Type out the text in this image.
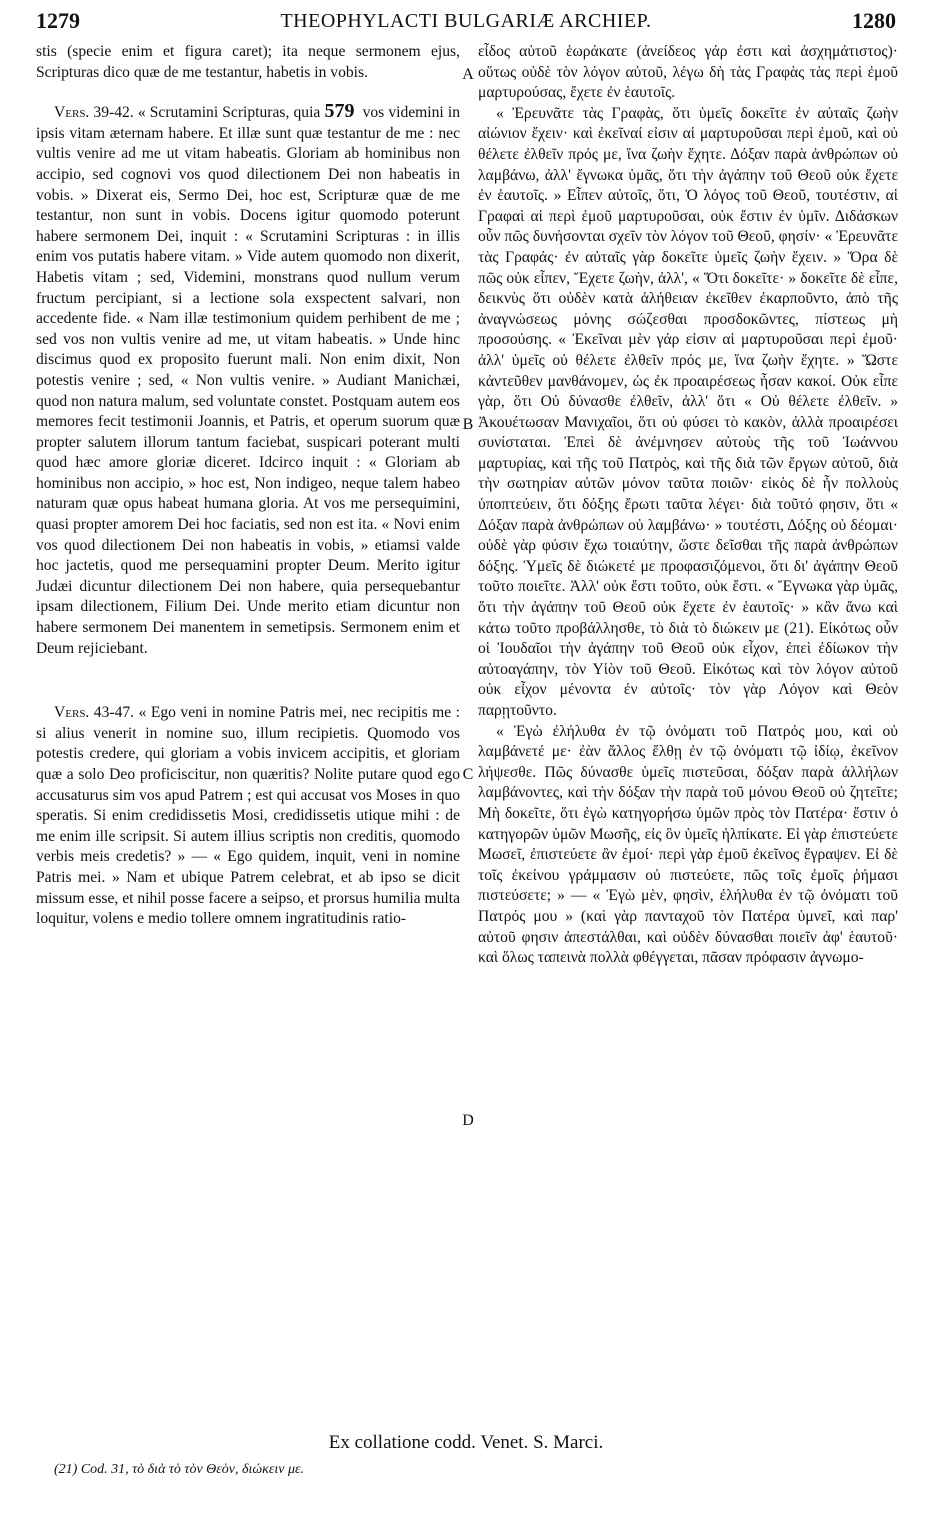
1279	THEOPHYLACTI BULGARIÆ ARCHIEP.	1280

stis (specie enim et figura caret); ita neque sermonem ejus, Scripturas dico quæ de me testantur, habetis in vobis.

Vers. 39-42. « Scrutamini Scripturas, quia 579 vos videmini in ipsis vitam æternam habere. Et illæ sunt quæ testantur de me : nec vultis venire ad me ut vitam habeatis. Gloriam ab hominibus non accipio, sed cognovi vos quod dilectionem Dei non habeatis in vobis. » Dixerat eis, Sermo Dei, hoc est, Scripturæ quæ de me testantur, non sunt in vobis. Docens igitur quomodo poterunt habere sermonem Dei, inquit : « Scrutamini Scripturas : in illis enim vos putatis habere vitam. » Vide autem quomodo non dixerit, Habetis vitam ; sed, Videmini, monstrans quod nullum verum fructum percipiant, si a lectione sola exspectent salvari, non accedente fide. « Nam illæ testimonium quidem perhibent de me ; sed vos non vultis venire ad me, ut vitam habeatis. » Unde hinc discimus quod ex proposito fuerunt mali. Non enim dixit, Non potestis venire ; sed, « Non vultis venire. » Audiant Manichæi, quod non natura malum, sed voluntate constet. Postquam autem eos memores fecit testimonii Joannis, et Patris, et operum suorum quæ propter salutem illorum tantum faciebat, suspicari poterant multi quod hæc amore gloriæ diceret. Idcirco inquit : « Gloriam ab hominibus non accipio, » hoc est, Non indigeo, neque talem habeo naturam quæ opus habeat humana gloria. At vos me persequimini, quasi propter amorem Dei hoc faciatis, sed non est ita. « Novi enim vos quod dilectionem Dei non habeatis in vobis, » etiamsi valde hoc jactetis, quod me persequamini propter Deum. Merito igitur Judæi dicuntur dilectionem Dei non habere, quia persequebantur ipsam dilectionem, Filium Dei. Unde merito etiam dicuntur non habere sermonem Dei manentem in semetipsis. Sermonem enim et Deum rejiciebant.

Vers. 43-47. « Ego veni in nomine Patris mei, nec recipitis me : si alius venerit in nomine suo, illum recipietis. Quomodo vos potestis credere, qui gloriam a vobis invicem accipitis, et gloriam quæ a solo Deo proficiscitur, non quæritis? Nolite putare quod ego accusaturus sim vos apud Patrem ; est qui accusat vos Moses in quo speratis. Si enim credidissetis Mosi, credidissetis utique mihi : de me enim ille scripsit. Si autem illius scriptis non creditis, quomodo verbis meis credetis? » — « Ego quidem, inquit, veni in nomine Patris mei. » Nam et ubique Patrem celebrat, et ab ipso se dicit missum esse, et nihil posse facere a seipso, et prorsus humilia multa loquitur, volens e medio tollere omnem ingratitudinis ratio-

A
B
C
D

εἶδος αὐτοῦ ἑωράκατε (ἀνείδεος γάρ ἐστι καὶ ἀσχημάτιστος)· οὕτως οὐδὲ τὸν λόγον αὐτοῦ, λέγω δὴ τὰς Γραφὰς τὰς περὶ ἐμοῦ μαρτυρούσας, ἔχετε ἐν ἑαυτοῖς.

« Ἐρευνᾶτε τὰς Γραφὰς, ὅτι ὑμεῖς δοκεῖτε ἐν αὐταῖς ζωὴν αἰώνιον ἔχειν· καὶ ἐκεῖναί εἰσιν αἱ μαρτυροῦσαι περὶ ἐμοῦ, καὶ οὐ θέλετε ἐλθεῖν πρός με, ἵνα ζωὴν ἔχητε. Δόξαν παρὰ ἀνθρώπων οὐ λαμβάνω, ἀλλ' ἔγνωκα ὑμᾶς, ὅτι τὴν ἀγάπην τοῦ Θεοῦ οὐκ ἔχετε ἐν ἑαυτοῖς. » Εἶπεν αὐτοῖς, ὅτι, Ὁ λόγος τοῦ Θεοῦ, τουτέστιν, αἱ Γραφαὶ αἱ περὶ ἐμοῦ μαρτυροῦσαι, οὐκ ἔστιν ἐν ὑμῖν. Διδάσκων οὖν πῶς δυνήσονται σχεῖν τὸν λόγον τοῦ Θεοῦ, φησίν· « Ἐρευνᾶτε τὰς Γραφάς· ἐν αὐταῖς γὰρ δοκεῖτε ὑμεῖς ζωὴν ἔχειν. » Ὅρα δὲ πῶς οὐκ εἶπεν, Ἔχετε ζωὴν, ἀλλ', « Ὅτι δοκεῖτε· » δοκεῖτε δὲ εἶπε, δεικνὺς ὅτι οὐδὲν κατὰ ἀλήθειαν ἐκεῖθεν ἐκαρποῦντο, ἀπὸ τῆς ἀναγνώσεως μόνης σώζεσθαι προσδοκῶντες, πίστεως μὴ προσούσης. « Ἐκεῖναι μὲν γάρ εἰσιν αἱ μαρτυροῦσαι περὶ ἐμοῦ· ἀλλ' ὑμεῖς οὐ θέλετε ἐλθεῖν πρός με, ἵνα ζωὴν ἔχητε. » Ὥστε κἀντεῦθεν μανθάνομεν, ὡς ἐκ προαιρέσεως ἦσαν κακοί. Οὐκ εἶπε γὰρ, ὅτι Οὐ δύνασθε ἐλθεῖν, ἀλλ' ὅτι « Οὐ θέλετε ἐλθεῖν. » Ἀκουέτωσαν Μανιχαῖοι, ὅτι οὐ φύσει τὸ κακὸν, ἀλλὰ προαιρέσει συνίσταται. Ἐπεὶ δὲ ἀνέμνησεν αὐτοὺς τῆς τοῦ Ἰωάννου μαρτυρίας, καὶ τῆς τοῦ Πατρὸς, καὶ τῆς διὰ τῶν ἔργων αὐτοῦ, διὰ τὴν σωτηρίαν αὐτῶν μόνον ταῦτα ποιῶν· εἰκὸς δὲ ἦν πολλοὺς ὑποπτεύειν, ὅτι δόξης ἔρωτι ταῦτα λέγει· διὰ τοῦτό φησιν, ὅτι « Δόξαν παρὰ ἀνθρώπων οὐ λαμβάνω· » τουτέστι, Δόξης οὐ δέομαι· οὐδὲ γὰρ φύσιν ἔχω τοιαύτην, ὥστε δεῖσθαι τῆς παρὰ ἀνθρώπων δόξης. Ὑμεῖς δὲ διώκετέ με προφασιζόμενοι, ὅτι δι' ἀγάπην Θεοῦ τοῦτο ποιεῖτε. Ἀλλ' οὐκ ἔστι τοῦτο, οὐκ ἔστι. « Ἔγνωκα γὰρ ὑμᾶς, ὅτι τὴν ἀγάπην τοῦ Θεοῦ οὐκ ἔχετε ἐν ἑαυτοῖς· » κἂν ἄνω καὶ κάτω τοῦτο προβάλλησθε, τὸ διὰ τὸ διώκειν με (21). Εἰκότως οὖν οἱ Ἰουδαῖοι τὴν ἀγάπην τοῦ Θεοῦ οὐκ εἶχον, ἐπεὶ ἐδίωκον τὴν αὐτοαγάπην, τὸν Υἱὸν τοῦ Θεοῦ. Εἰκότως καὶ τὸν λόγον αὐτοῦ οὐκ εἶχον μένοντα ἐν αὐτοῖς· τὸν γὰρ Λόγον καὶ Θεὸν παρῃτοῦντο.

« Ἐγὼ ἐλήλυθα ἐν τῷ ὀνόματι τοῦ Πατρός μου, καὶ οὐ λαμβάνετέ με· ἐὰν ἄλλος ἔλθῃ ἐν τῷ ὀνόματι τῷ ἰδίῳ, ἐκεῖνον λήψεσθε. Πῶς δύνασθε ὑμεῖς πιστεῦσαι, δόξαν παρὰ ἀλλήλων λαμβάνοντες, καὶ τὴν δόξαν τὴν παρὰ τοῦ μόνου Θεοῦ οὐ ζητεῖτε; Μὴ δοκεῖτε, ὅτι ἐγὼ κατηγορήσω ὑμῶν πρὸς τὸν Πατέρα· ἔστιν ὁ κατηγορῶν ὑμῶν Μωσῆς, εἰς ὃν ὑμεῖς ἠλπίκατε. Εἰ γὰρ ἐπιστεύετε Μωσεῖ, ἐπιστεύετε ἂν ἐμοί· περὶ γὰρ ἐμοῦ ἐκεῖνος ἔγραψεν. Εἰ δὲ τοῖς ἐκείνου γράμμασιν οὐ πιστεύετε, πῶς τοῖς ἐμοῖς ῥήμασι πιστεύσετε; » — « Ἐγὼ μὲν, φησὶν, ἐλήλυθα ἐν τῷ ὀνόματι τοῦ Πατρός μου » (καὶ γὰρ πανταχοῦ τὸν Πατέρα ὑμνεῖ, καὶ παρ' αὐτοῦ φησιν ἀπεστάλθαι, καὶ οὐδὲν δύνασθαι ποιεῖν ἀφ' ἑαυτοῦ· καὶ ὅλως ταπεινὰ πολλὰ φθέγγεται, πᾶσαν πρόφασιν ἀγνωμο-

Ex collatione codd. Venet. S. Marci.
(21) Cod. 31, τὸ διὰ τὸ τὸν Θεὸν, διώκειν με.
